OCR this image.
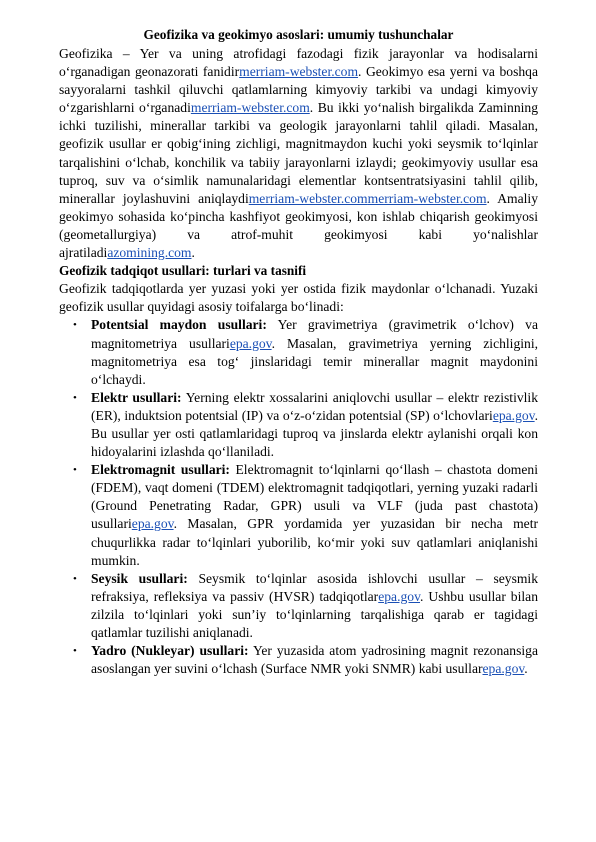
Geofizika va geokimyo asoslari: umumiy tushunchalar

Geofizika – Yer va uning atrofidagi fazodagi fizik jarayonlar va hodisalarni o‘rganadigan geonazorati fanidirmerriam-webster.com. Geokimyo esa yerni va boshqa sayyoralarni tashkil qiluvchi qatlamlarning kimyoviy tarkibi va undagi kimyoviy o‘zgarishlarni o‘rganadimerriam-webster.com. Bu ikki yo‘nalish birgalikda Zaminning ichki tuzilishi, minerallar tarkibi va geologik jarayonlarni tahlil qiladi. Masalan, geofizik usullar er qobig‘ining zichligi, magnitmaydon kuchi yoki seysmik to‘lqinlar tarqalishini o‘lchab, konchilik va tabiiy jarayonlarni izlaydi; geokimyoviy usullar esa tuproq, suv va o‘simlik namunalaridagi elementlar kontsentratsiyasini tahlil qilib, minerallar joylashuvini aniqlaydimerriam-webster.commerriam-webster.com. Amaliy geokimyo sohasida ko‘pincha kashfiyot geokimyosi, kon ishlab chiqarish geokimyosi (geometallurgiya) va atrof-muhit geokimyosi kabi yo‘nalishlar ajratiladiazomining.com.

Geofizik tadqiqot usullari: turlari va tasnifi

Geofizik tadqiqotlarda yer yuzasi yoki yer ostida fizik maydonlar o‘lchanadi. Yuzaki geofizik usullar quyidagi asosiy toifalarga bo‘linadi:

• Potentsial maydon usullari: Yer gravimetriya (gravimetrik o‘lchov) va magnitometriya usullariepa.gov. Masalan, gravimetriya yerning zichligini, magnitometriya esa tog‘ jinslaridagi temir minerallar magnit maydonini o‘lchaydi.
• Elektr usullari: Yerning elektr xossalarini aniqlovchi usullar – elektr rezistivlik (ER), induktsion potentsial (IP) va o‘z-o‘zidan potentsial (SP) o‘lchovlariepa.gov. Bu usullar yer osti qatlamlaridagi tuproq va jinslarda elektr aylanishi orqali kon hidoyalarini izlashda qo‘llaniladi.
• Elektromagnit usullari: Elektromagnit to‘lqinlarni qo‘llash – chastota domeni (FDEM), vaqt domeni (TDEM) elektromagnit tadqiqotlari, yerning yuzaki radarli (Ground Penetrating Radar, GPR) usuli va VLF (juda past chastota) usullariepa.gov. Masalan, GPR yordamida yer yuzasidan bir necha metr chuqurlikka radar to‘lqinlari yuborilib, ko‘mir yoki suv qatlamlari aniqlanishi mumkin.
• Seysik usullari: Seysmik to‘lqinlar asosida ishlovchi usullar – seysmik refraksiya, refleksiya va passiv (HVSR) tadqiqotlarepa.gov. Ushbu usullar bilan zilzila to‘lqinlari yoki sun’iy to‘lqinlarning tarqalishiga qarab er tagidagi qatlamlar tuzilishi aniqlanadi.
• Yadro (Nukleyar) usullari: Yer yuzasida atom yadrosining magnit rezonansiga asoslangan yer suvini o‘lchash (Surface NMR yoki SNMR) kabi usullarepa.gov.
